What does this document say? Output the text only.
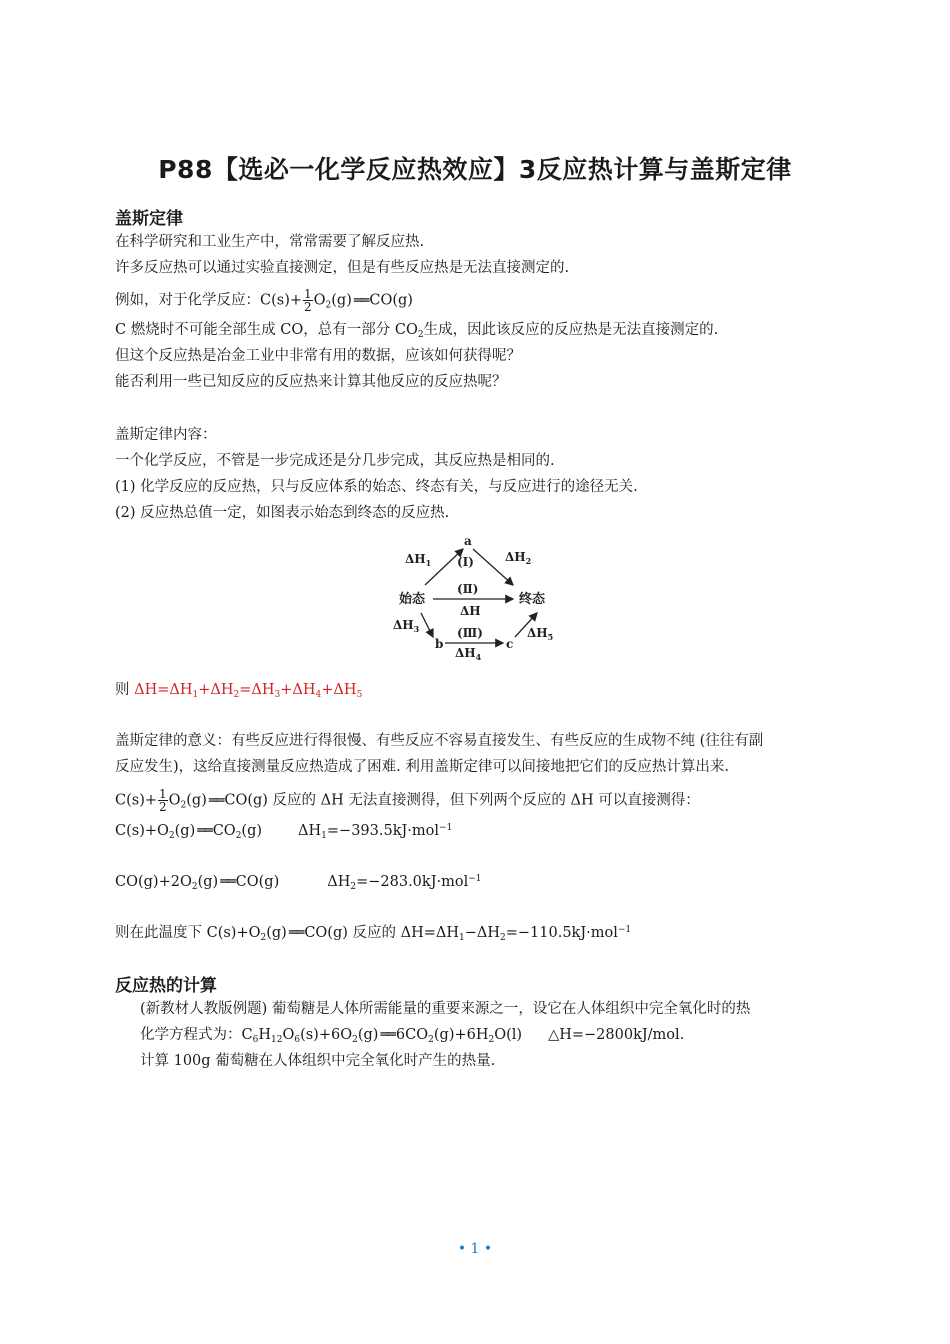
P88【选必一化学反应热效应】3反应热计算与盖斯定律
盖斯定律
在科学研究和工业生产中，常常需要了解反应热.
许多反应热可以通过实验直接测定，但是有些反应热是无法直接测定的.
例如，对于化学反应：$C(s)+ \frac{1}{2} O_2(g)$ ══ CO(g)
C 燃烧时不可能全部生成 CO，总有一部分 $CO_2$生成，因此该反应的反应热是无法直接测定的.
但这个反应热是冶金工业中非常有用的数据，应该如何获得呢？
能否利用一些已知反应的反应热来计算其他反应的反应热呢？
盖斯定律内容：
一个化学反应，不管是一步完成还是分几步完成，其反应热是相同的.
(1) 化学反应的反应热，只与反应体系的始态、终态有关，与反应进行的途径无关.
(2) 反应热总值一定，如图表示始态到终态的反应热.
始态	终态
a
b	c
(Ⅰ)
(Ⅱ)
(Ⅲ)
ΔH
$\Delta H_1$	$\Delta H_2$
$\Delta H_3$
$\Delta H_4$
$\Delta H_5$
则 $\Delta H=\Delta H_1+\Delta H_2=\Delta H_3+\Delta H_4+\Delta H_5$
盖斯定律的意义：有些反应进行得很慢、有些反应不容易直接发生、有些反应的生成物不纯 (往往有副
反应发生)，这给直接测量反应热造成了困难. 利用盖斯定律可以间接地把它们的反应热计算出来.
$C(s)+ \frac{1}{2} O_2(g)$ ══ CO(g) 反应的 ΔH 无法直接测得，但下列两个反应的 ΔH 可以直接测得：
$C(s)+O_2(g)$ ══ $CO_2(g)$ $\Delta H_1=-393.5kJ\cdot mol^{-1}$
$CO(g)+2O_2(g)$ ══ CO(g)	$\Delta H_2=-283.0kJ\cdot mol^{-1}$
则在此温度下 $C(s)+O_2(g)$ ══ CO(g) 反应的 $\Delta H=\Delta H_1-\Delta H_2=-110.5kJ\cdot mol^{-1}$
反应热的计算
(新教材人教版例题) 葡萄糖是人体所需能量的重要来源之一，设它在人体组织中完全氧化时的热
化学方程式为：$C_6H_{12}O_6(s)+6O_2(g)$ ══ $6CO_2(g)+6H_2O(l)$ △H=−2800kJ/mol.
计算 100g 葡萄糖在人体组织中完全氧化时产生的热量.
• 1 •
